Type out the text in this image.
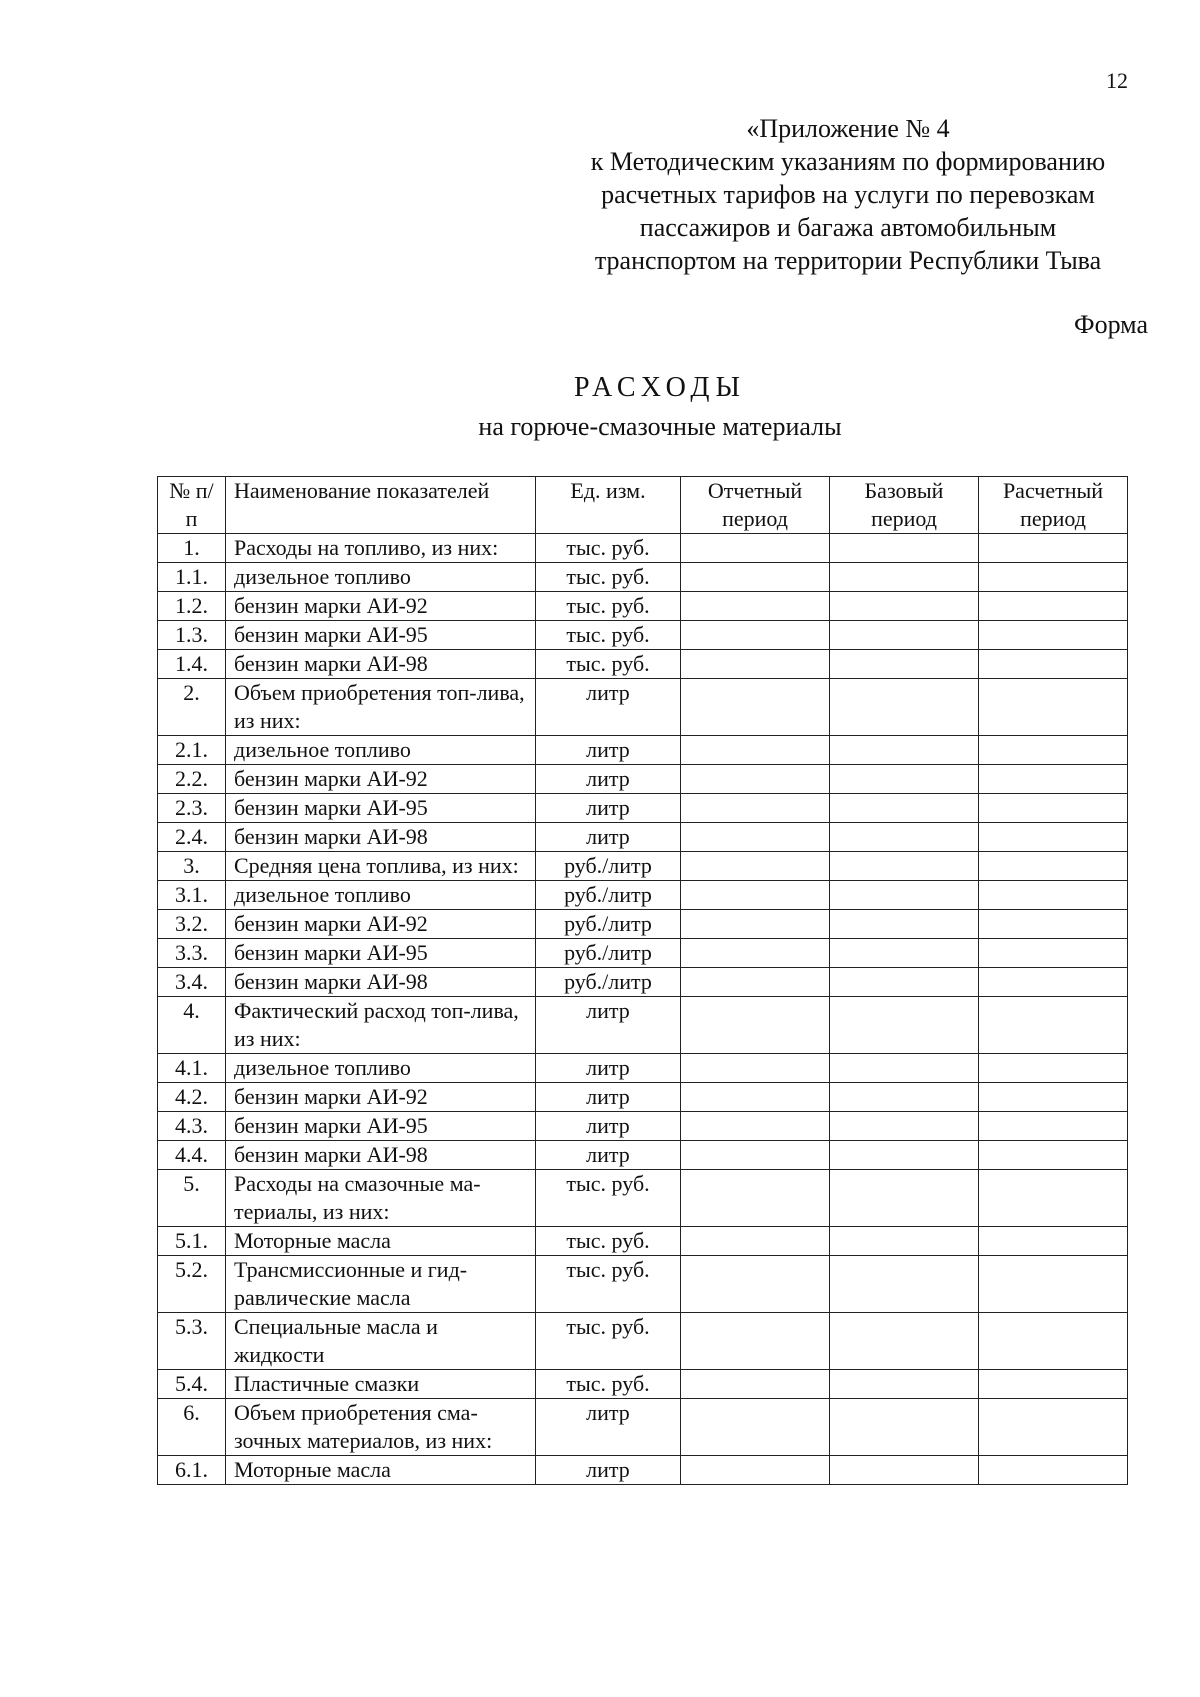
12
«Приложение № 4
к Методическим указаниям по формированию
расчетных тарифов на услуги по перевозкам
пассажиров и багажа автомобильным
транспортом на территории Республики Тыва
Форма
РАСХОДЫ
на горюче-смазочные материалы
№ п/п	Наименование показателей	Ед. изм.	Отчетный период	Базовый период	Расчетный период
1.	Расходы на топливо, из них:	тыс. руб.			
1.1.	дизельное топливо	тыс. руб.			
1.2.	бензин марки АИ-92	тыс. руб.			
1.3.	бензин марки АИ-95	тыс. руб.			
1.4.	бензин марки АИ-98	тыс. руб.			
2.	Объем приобретения топ-лива, из них:	литр			
2.1.	дизельное топливо	литр			
2.2.	бензин марки АИ-92	литр			
2.3.	бензин марки АИ-95	литр			
2.4.	бензин марки АИ-98	литр			
3.	Средняя цена топлива, из них:	руб./литр			
3.1.	дизельное топливо	руб./литр			
3.2.	бензин марки АИ-92	руб./литр			
3.3.	бензин марки АИ-95	руб./литр			
3.4.	бензин марки АИ-98	руб./литр			
4.	Фактический расход топ-лива, из них:	литр			
4.1.	дизельное топливо	литр			
4.2.	бензин марки АИ-92	литр			
4.3.	бензин марки АИ-95	литр			
4.4.	бензин марки АИ-98	литр			
5.	Расходы на смазочные ма-териалы, из них:	тыс. руб.			
5.1.	Моторные масла	тыс. руб.			
5.2.	Трансмиссионные и гид-равлические масла	тыс. руб.			
5.3.	Специальные масла и жидкости	тыс. руб.			
5.4.	Пластичные смазки	тыс. руб.			
6.	Объем приобретения сма-зочных материалов, из них:	литр			
6.1.	Моторные масла	литр			
